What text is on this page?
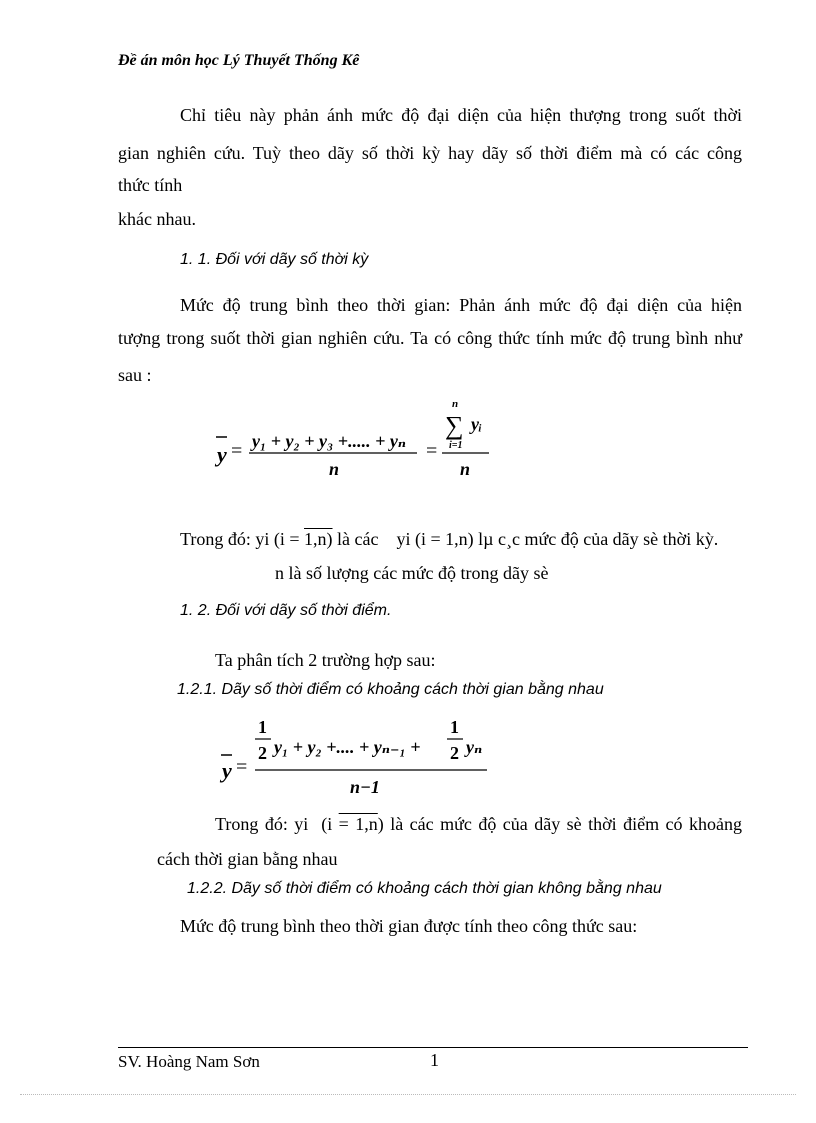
Đề án môn học Lý Thuyết Thống Kê
Chỉ tiêu này phản ánh mức độ đại diện của hiện thượng trong suốt thời
gian nghiên cứu. Tuỳ theo dãy số thời kỳ hay dãy số thời điểm mà có các công
thức tính
khác nhau.
1. 1. Đối với dãy số thời kỳ
Mức độ trung bình theo thời gian: Phản ánh mức độ đại diện của hiện
tượng trong suốt thời gian nghiên cứu. Ta có công thức tính mức độ trung bình như
sau :
y = y₁ + y₂ + y₃ +..... + yₙ
n
=
n
∑
i=1
yᵢ
n
Trong đó: yi (i = 1,n) là các    yi (i = 1,n) lµ c¸c mức độ của dãy sè thời kỳ.
n là số lượng các mức độ trong dãy sè
1. 2. Đối với dãy số thời điểm.
Ta phân tích 2 trường hợp sau:
1.2.1. Dãy số thời điểm có khoảng cách thời gian bằng nhau
y =
1
2 y₁ + y₂ +.... + yₙ₋₁ +
1
2 yₙ
n−1
Trong đó: yi  (i = 1,n) là các mức độ của dãy sè thời điểm có khoảng
cách thời gian bằng nhau
1.2.2. Dãy số thời điểm có khoảng cách thời gian không bằng nhau
Mức độ trung bình theo thời gian được tính theo công thức sau:
SV. Hoàng Nam Sơn	1
